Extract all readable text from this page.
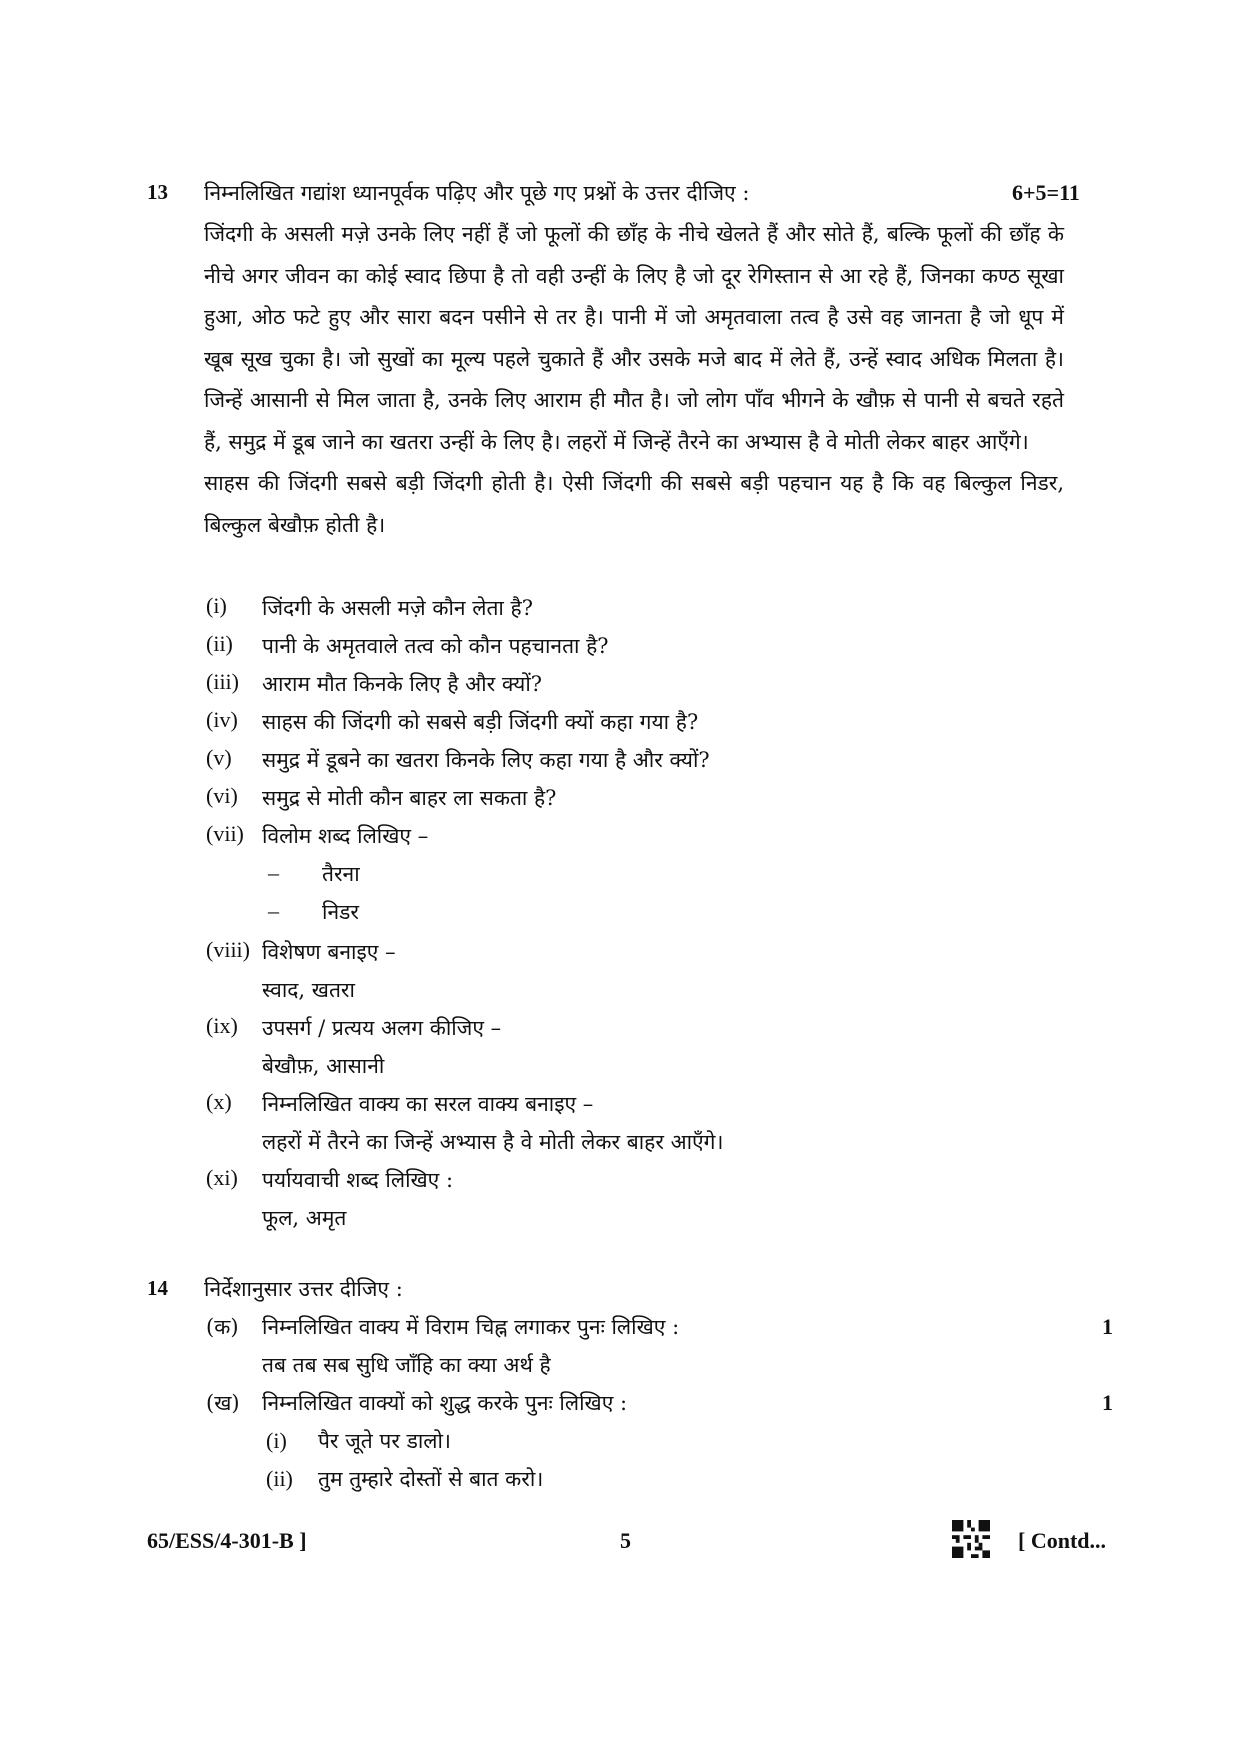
13 निम्नलिखित गद्यांश ध्यानपूर्वक पढ़िए और पूछे गए प्रश्नों के उत्तर दीजिए :	6+5=11

जिंदगी के असली मज़े उनके लिए नहीं हैं जो फूलों की छाँह के नीचे खेलते हैं और सोते हैं, बल्कि फूलों की छाँह के नीचे अगर जीवन का कोई स्वाद छिपा है तो वही उन्हीं के लिए है जो दूर रेगिस्तान से आ रहे हैं, जिनका कण्ठ सूखा हुआ, ओठ फटे हुए और सारा बदन पसीने से तर है। पानी में जो अमृतवाला तत्व है उसे वह जानता है जो धूप में खूब सूख चुका है। जो सुखों का मूल्य पहले चुकाते हैं और उसके मजे बाद में लेते हैं, उन्हें स्वाद अधिक मिलता है। जिन्हें आसानी से मिल जाता है, उनके लिए आराम ही मौत है। जो लोग पाँव भीगने के खौफ़ से पानी से बचते रहते हैं, समुद्र में डूब जाने का खतरा उन्हीं के लिए है। लहरों में जिन्हें तैरने का अभ्यास है वे मोती लेकर बाहर आएँगे।

साहस की जिंदगी सबसे बड़ी जिंदगी होती है। ऐसी जिंदगी की सबसे बड़ी पहचान यह है कि वह बिल्कुल निडर, बिल्कुल बेखौफ़ होती है।

(i) जिंदगी के असली मज़े कौन लेता है?
(ii) पानी के अमृतवाले तत्व को कौन पहचानता है?
(iii) आराम मौत किनके लिए है और क्यों?
(iv) साहस की जिंदगी को सबसे बड़ी जिंदगी क्यों कहा गया है?
(v) समुद्र में डूबने का खतरा किनके लिए कहा गया है और क्यों?
(vi) समुद्र से मोती कौन बाहर ला सकता है?
(vii) विलोम शब्द लिखिए –
– तैरना
– निडर
(viii) विशेषण बनाइए –
स्वाद, खतरा
(ix) उपसर्ग / प्रत्यय अलग कीजिए –
बेखौफ़, आसानी
(x) निम्नलिखित वाक्य का सरल वाक्य बनाइए –
लहरों में तैरने का जिन्हें अभ्यास है वे मोती लेकर बाहर आएँगे।
(xi) पर्यायवाची शब्द लिखिए :
फूल, अमृत
14 निर्देशानुसार उत्तर दीजिए :
(क) निम्नलिखित वाक्य में विराम चिह्न लगाकर पुनः लिखिए :	1
तब तब सब सुधि जाँहि का क्या अर्थ है
(ख) निम्नलिखित वाक्यों को शुद्ध करके पुनः लिखिए :	1
(i) पैर जूते पर डालो।
(ii) तुम तुम्हारे दोस्तों से बात करो।
65/ESS/4-301-B ]	5	[ Contd...
